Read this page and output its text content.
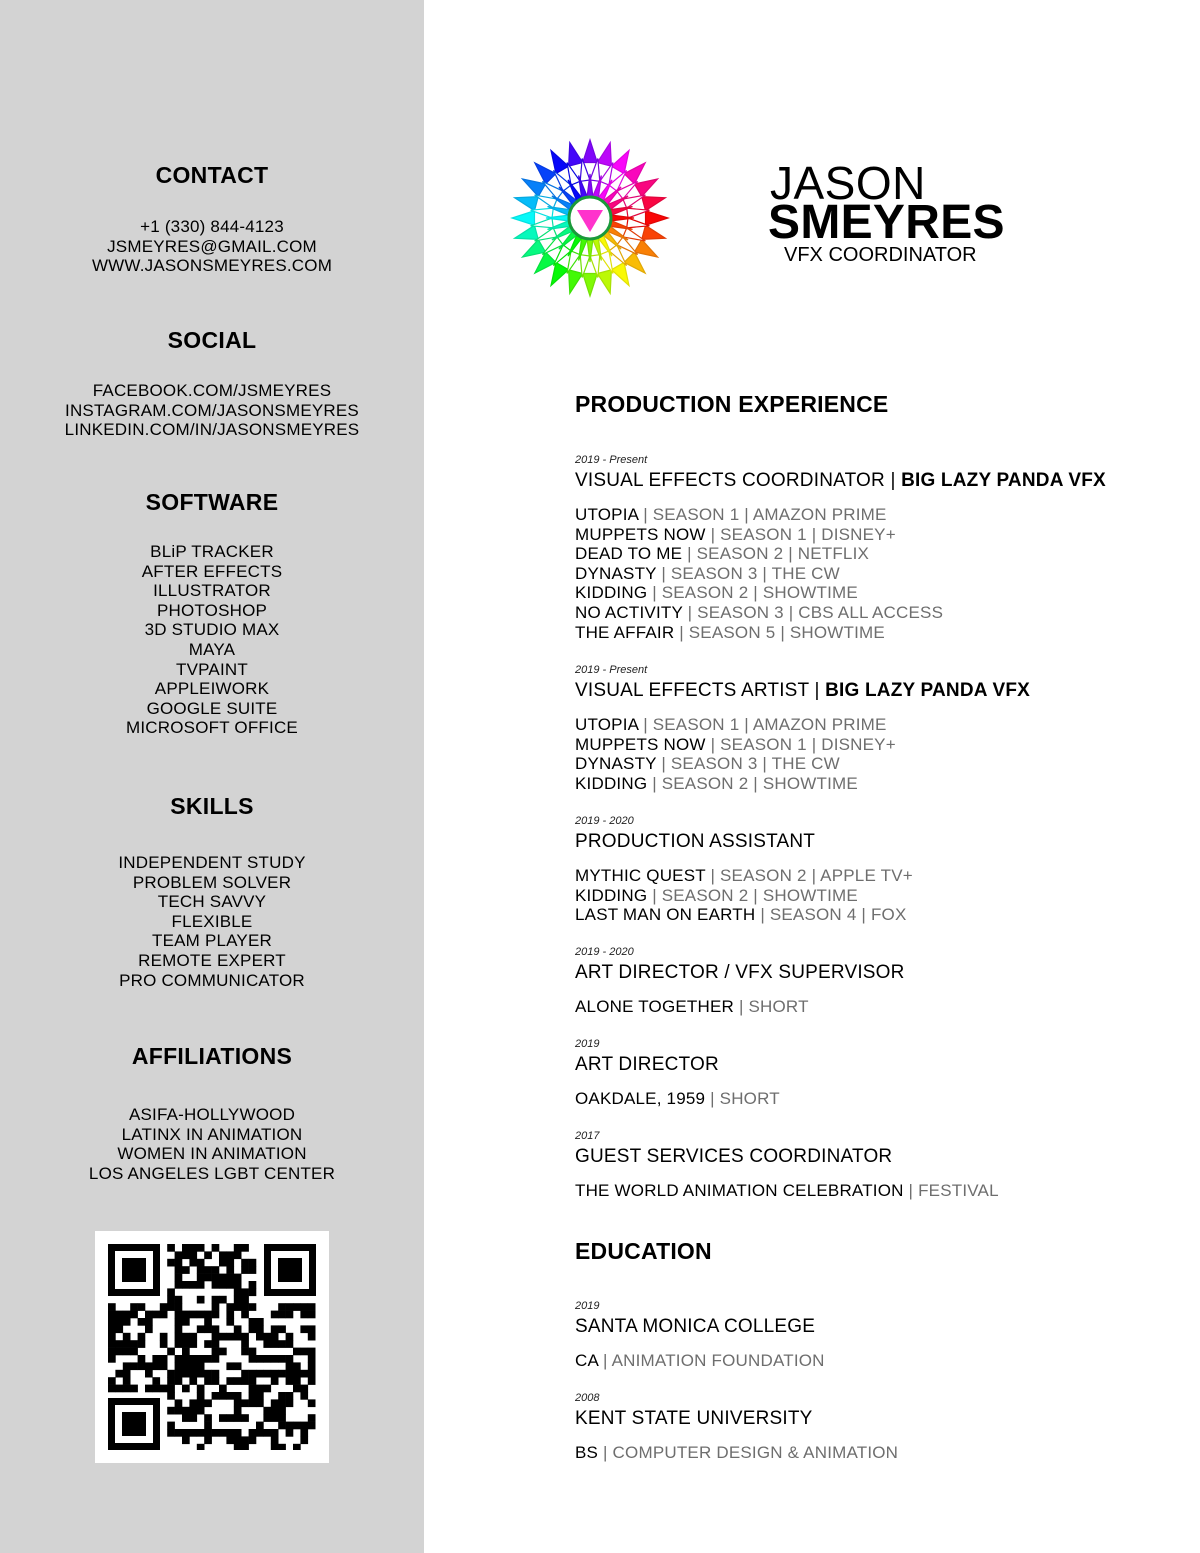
CONTACT
+1 (330) 844-4123
JSMEYRES@GMAIL.COM
WWW.JASONSMEYRES.COM
SOCIAL
FACEBOOK.COM/JSMEYRES
INSTAGRAM.COM/JASONSMEYRES
LINKEDIN.COM/IN/JASONSMEYRES
SOFTWARE
BLiP TRACKER
AFTER EFFECTS
ILLUSTRATOR
PHOTOSHOP
3D STUDIO MAX
MAYA
TVPAINT
APPLEIWORK
GOOGLE SUITE
MICROSOFT OFFICE
SKILLS
INDEPENDENT STUDY
PROBLEM SOLVER
TECH SAVVY
FLEXIBLE
TEAM PLAYER
REMOTE EXPERT
PRO COMMUNICATOR
AFFILIATIONS
ASIFA-HOLLYWOOD
LATINX IN ANIMATION
WOMEN IN ANIMATION
LOS ANGELES LGBT CENTER
JASON
SMEYRES
VFX COORDINATOR
PRODUCTION EXPERIENCE
2019 - Present
VISUAL EFFECTS COORDINATOR | BIG LAZY PANDA VFX
UTOPIA | SEASON 1 | AMAZON PRIME
MUPPETS NOW | SEASON 1 | DISNEY+
DEAD TO ME | SEASON 2 | NETFLIX
DYNASTY | SEASON 3 | THE CW
KIDDING | SEASON 2 | SHOWTIME
NO ACTIVITY | SEASON 3 | CBS ALL ACCESS
THE AFFAIR | SEASON 5 | SHOWTIME
2019 - Present
VISUAL EFFECTS ARTIST | BIG LAZY PANDA VFX
UTOPIA | SEASON 1 | AMAZON PRIME
MUPPETS NOW | SEASON 1 | DISNEY+
DYNASTY | SEASON 3 | THE CW
KIDDING | SEASON 2 | SHOWTIME
2019 - 2020
PRODUCTION ASSISTANT
MYTHIC QUEST | SEASON 2 | APPLE TV+
KIDDING | SEASON 2 | SHOWTIME
LAST MAN ON EARTH | SEASON 4 | FOX
2019 - 2020
ART DIRECTOR / VFX SUPERVISOR
ALONE TOGETHER | SHORT
2019
ART DIRECTOR
OAKDALE, 1959 | SHORT
2017
GUEST SERVICES COORDINATOR
THE WORLD ANIMATION CELEBRATION | FESTIVAL
EDUCATION
2019
SANTA MONICA COLLEGE
CA | ANIMATION FOUNDATION
2008
KENT STATE UNIVERSITY
BS | COMPUTER DESIGN & ANIMATION
